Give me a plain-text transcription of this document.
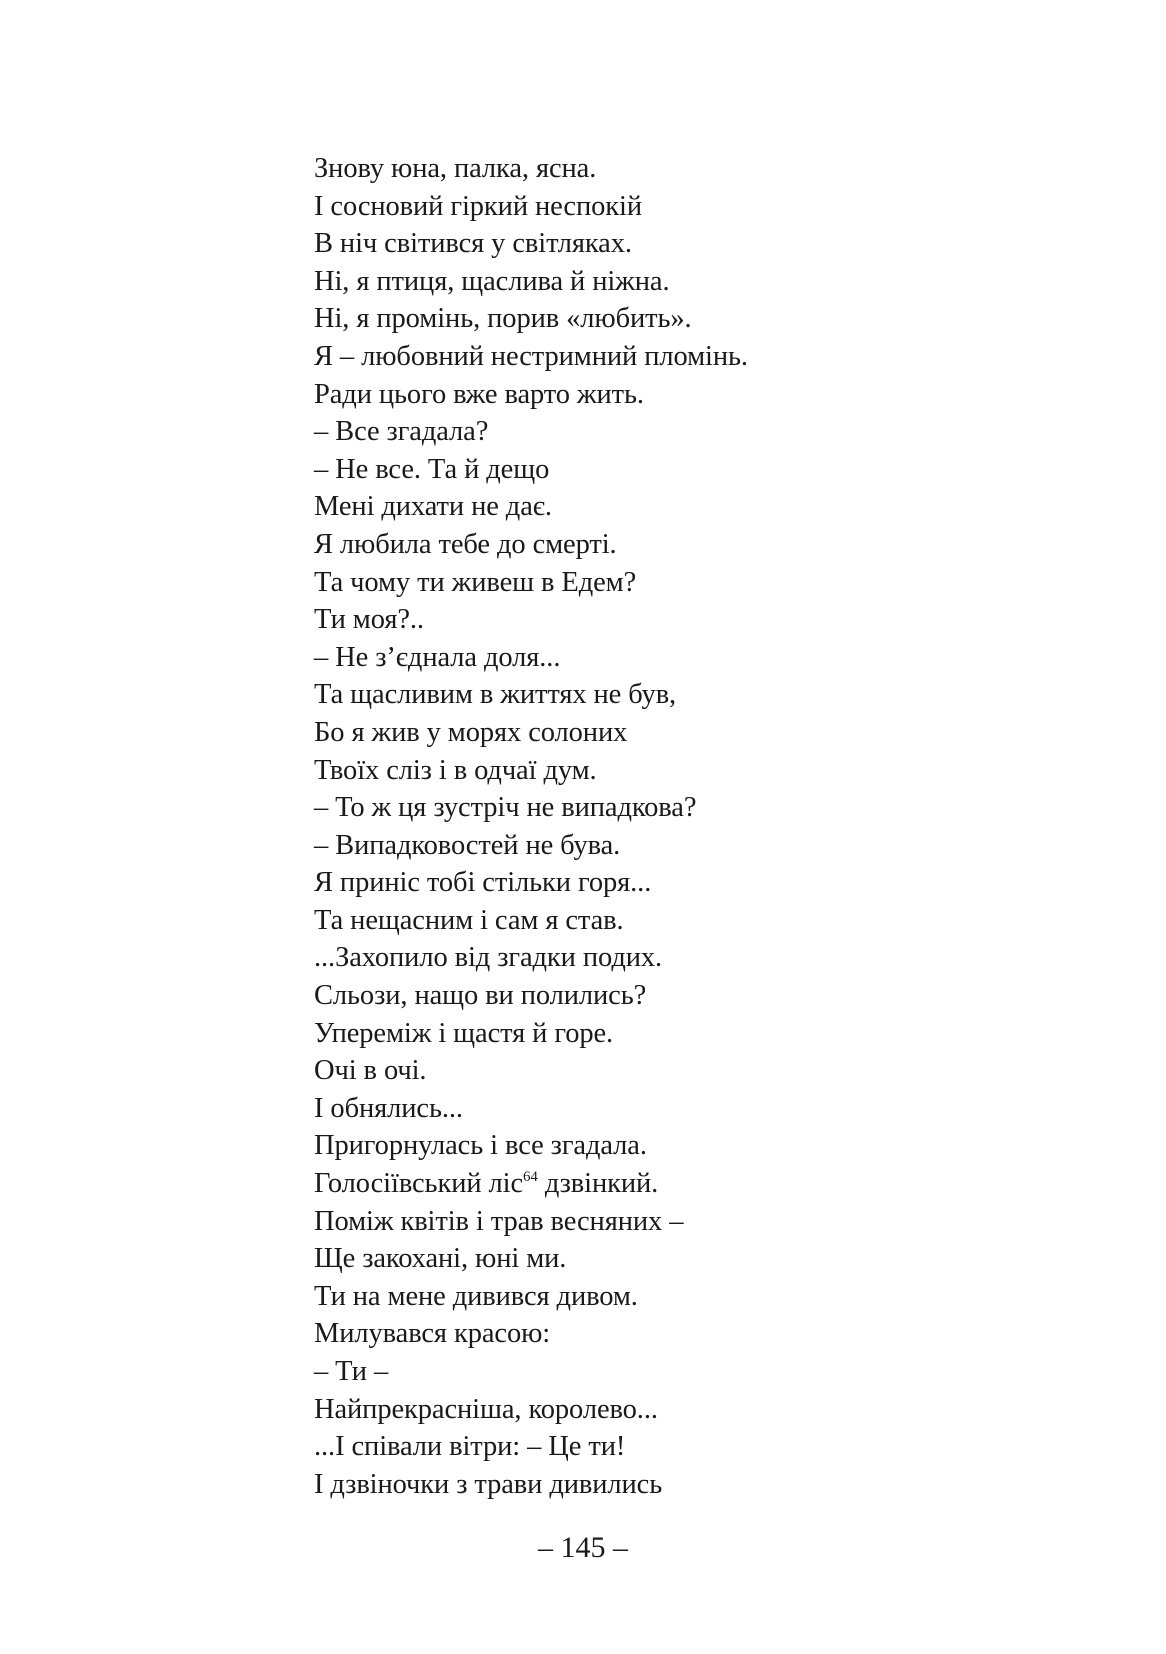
Знову юна, палка, ясна.
І сосновий гіркий неспокій
В ніч світився у світляках.
Ні, я птиця, щаслива й ніжна.
Ні, я промінь, порив «любить».
Я – любовний нестримний пломінь.
Ради цього вже варто жить.
– Все згадала?
– Не все. Та й дещо
Мені дихати не дає.
Я любила тебе до смерті.
Та чому ти живеш в Едем?
Ти моя?..
– Не з’єднала доля...
Та щасливим в життях не був,
Бо я жив у морях солоних
Твоїх сліз і в одчаї дум.
– То ж ця зустріч не випадкова?
– Випадковостей не бува.
Я приніс тобі стільки горя...
Та нещасним і сам я став.
...Захопило від згадки подих.
Сльози, нащо ви полились?
Упереміж і щастя й горе.
Очі в очі.
І обнялись...
Пригорнулась і все згадала.
Голосіївський ліс$^{64}$ дзвінкий.
Поміж квітів і трав весняних –
Ще закохані, юні ми.
Ти на мене дивився дивом.
Милувався красою:
– Ти –
Найпрекрасніша, королево...
...І співали вітри: – Це ти!
І дзвіночки з трави дивились
– 145 –
